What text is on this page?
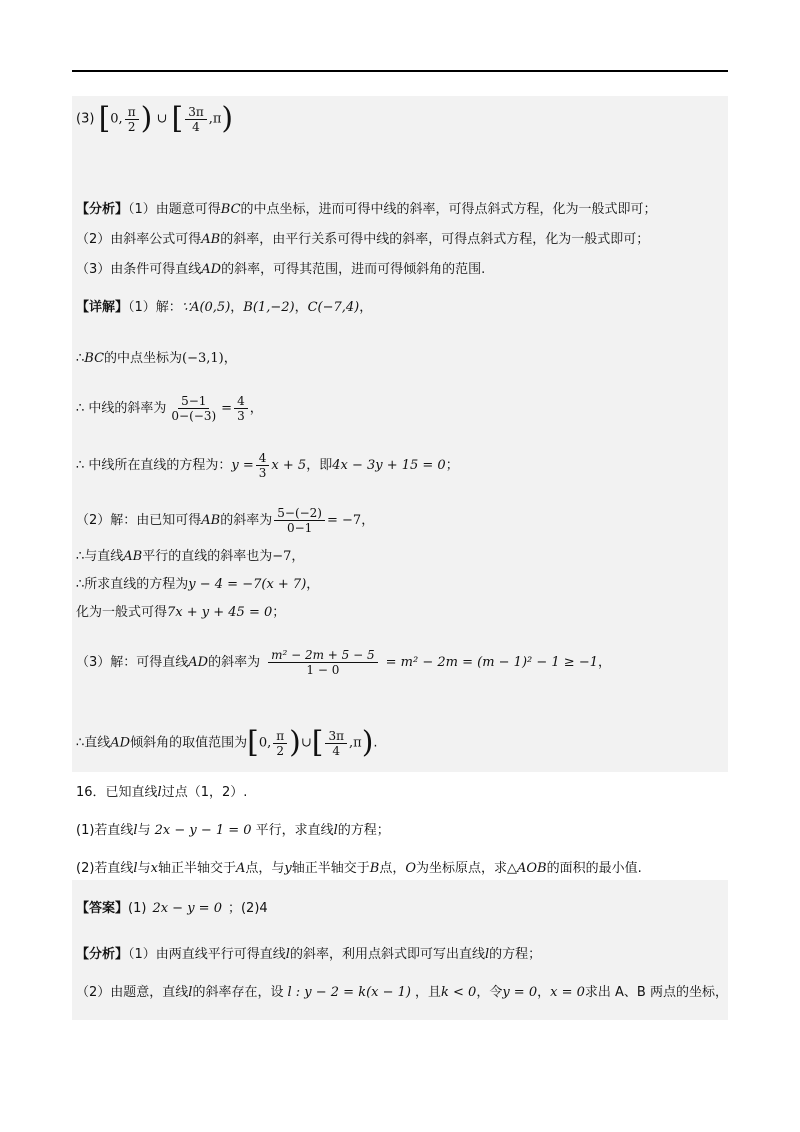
(3) [0, $\frac{\pi}{2}$ ) ∪ [ $\frac{3\pi}{4} ,\pi$)
【分析】（1）由题意可得BC的中点坐标，进而可得中线的斜率，可得点斜式方程，化为一般式即可；
（2）由斜率公式可得AB的斜率，由平行关系可得中线的斜率，可得点斜式方程，化为一般式即可；
（3）由条件可得直线AD的斜率，可得其范围，进而可得倾斜角的范围.
【详解】（1）解：∵A(0,5)，B(1,−2)，C(−7,4)，
∴BC的中点坐标为(−3,1)，
∴ 中线的斜率为 $\frac{5-1}{0-(-3)} = \frac{4}{3}$ ，
∴ 中线所在直线的方程为：$y = \frac{4}{3}$ x + 5，即4x − 3y + 15 = 0；
（2）解：由已知可得AB的斜率为 $\frac{5-(-2)}{0-1} = -7$，
∴与直线AB平行的直线的斜率也为−7，
∴所求直线的方程为y − 4 = −7(x + 7)，
化为一般式可得7x + y + 45 = 0；
（3）解：可得直线AD的斜率为 $\frac{\text{m² − 2m + 5 − 5}}{1 - 0} = m^2 - 2m = (m - 1)^2 - 1 \ge -1$，
∴直线AD倾斜角的取值范围为[0, $\frac{\pi}{2}$ )∪[ $\frac{3\pi}{4} ,\pi$).
16．已知直线l过点（1，2）.
(1)若直线l与 2x − y − 1 = 0 平行，求直线l的方程；
(2)若直线l与x轴正半轴交于A点，与y轴正半轴交于B点，O为坐标原点，求△AOB的面积的最小值.
【答案】(1) 2x − y = 0 ；(2)4
【分析】（1）由两直线平行可得直线l的斜率，利用点斜式即可写出直线l的方程；
（2）由题意，直线l的斜率存在，设 l : y − 2 = k(x − 1) ，且k < 0，令y = 0，x = 0求出 A、B 两点的坐标，
